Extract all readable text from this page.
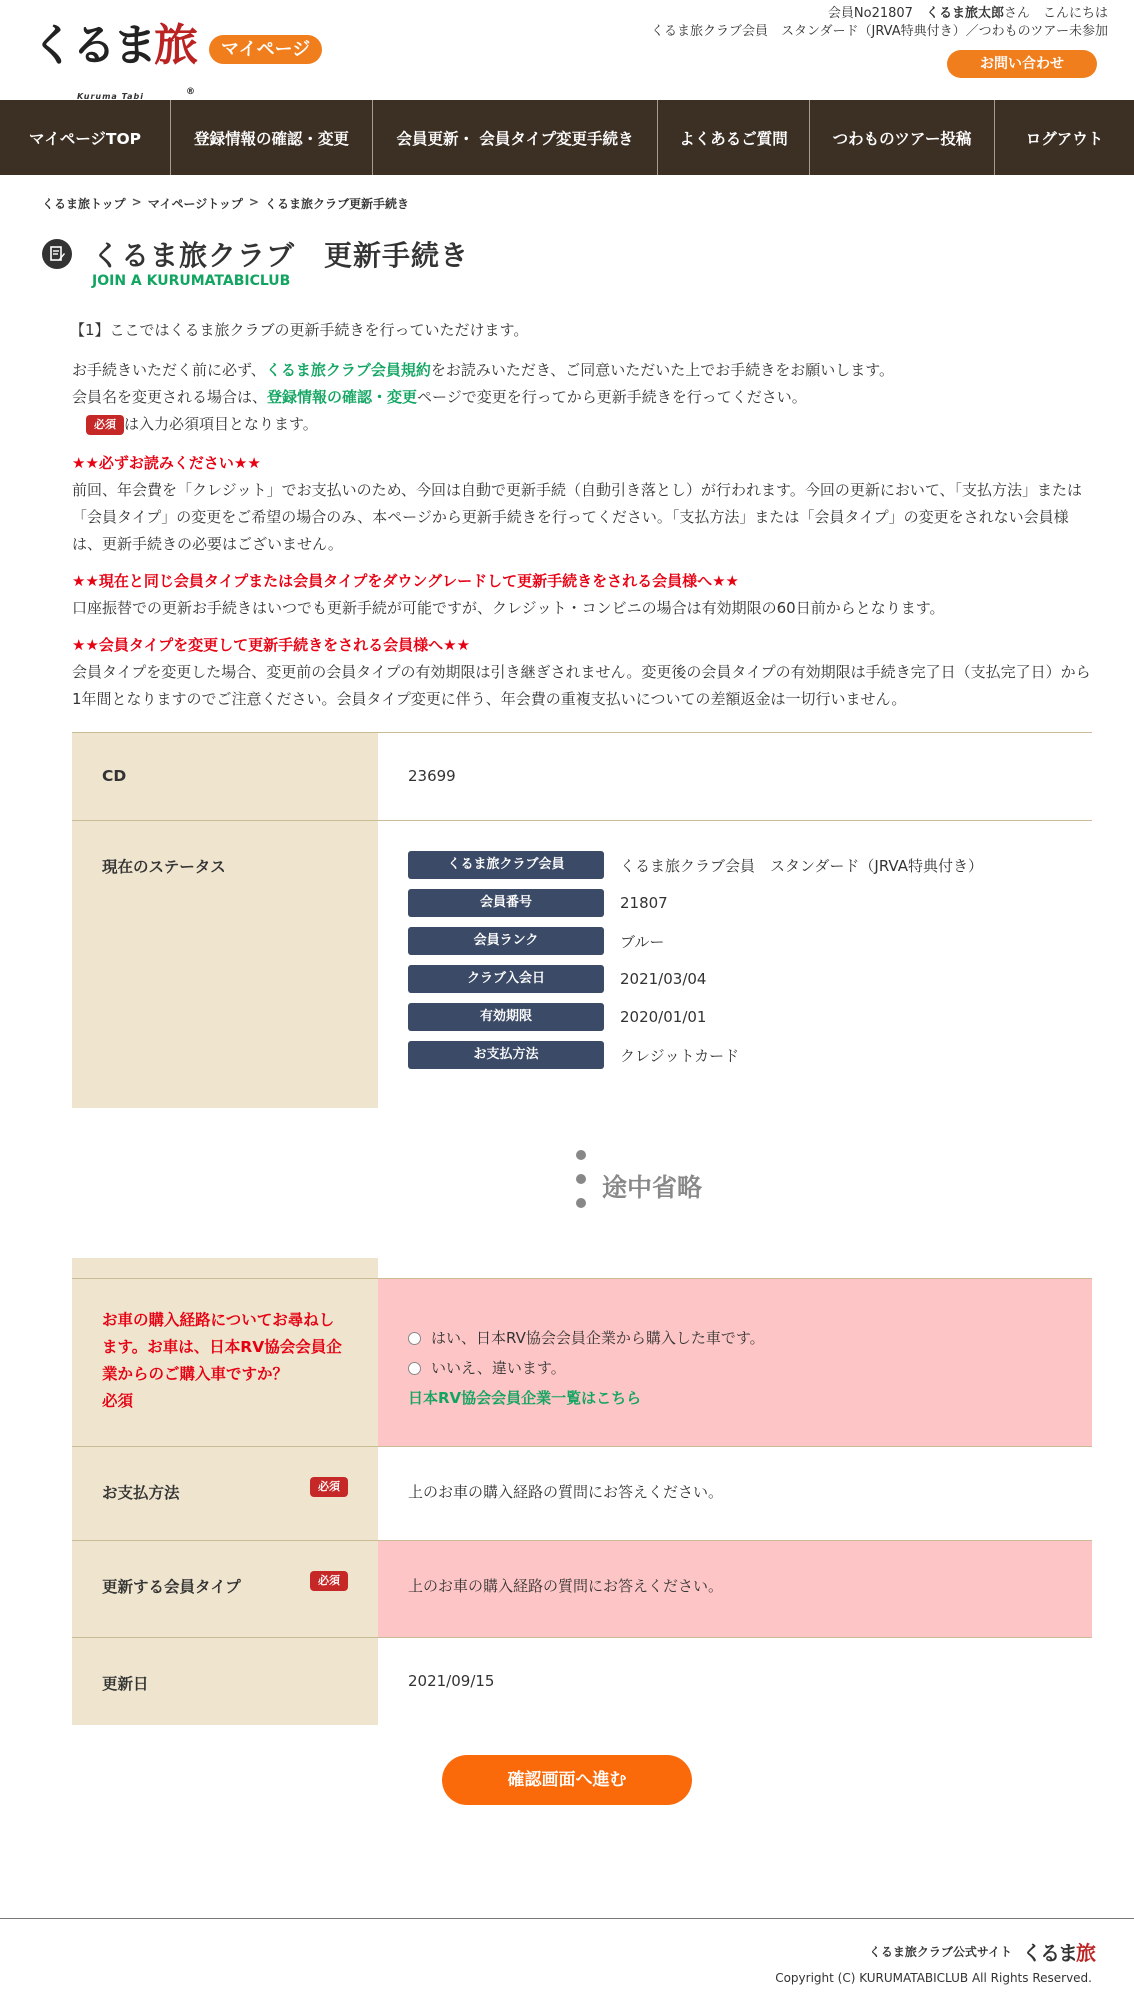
くるま旅
Kuruma Tabi	®
マイページ
会員No21807　くるま旅太郎さん　こんにちは
くるま旅クラブ会員　スタンダード（JRVA特典付き）／つわものツアー未参加
お問い合わせ
マイページTOP	登録情報の確認・変更	会員更新・ 会員タイプ変更手続き	よくあるご質問	つわものツアー投稿	ログアウト
くるま旅トップ > マイページトップ > くるま旅クラブ更新手続き
くるま旅クラブ　更新手続き
JOIN A KURUMATABICLUB

【1】ここではくるま旅クラブの更新手続きを行っていただけます。

お手続きいただく前に必ず、くるま旅クラブ会員規約をお読みいただき、ご同意いただいた上でお手続きをお願いします。
会員名を変更される場合は、登録情報の確認・変更ページで変更を行ってから更新手続きを行ってください。

必須 は入力必須項目となります。

★★必ずお読みください★★

前回、年会費を「クレジット」でお支払いのため、今回は自動で更新手続（自動引き落とし）が行われます。今回の更新において、「支払方法」または「会員タイプ」の変更をご希望の場合のみ、本ページから更新手続きを行ってください。「支払方法」または「会員タイプ」の変更をされない会員様は、更新手続きの必要はございません。

★★現在と同じ会員タイプまたは会員タイプをダウングレードして更新手続きをされる会員様へ★★

口座振替での更新お手続きはいつでも更新手続が可能ですが、クレジット・コンビニの場合は有効期限の60日前からとなります。

★★会員タイプを変更して更新手続きをされる会員様へ★★

会員タイプを変更した場合、変更前の会員タイプの有効期限は引き継ぎされません。変更後の会員タイプの有効期限は手続き完了日（支払完了日）から1年間となりますのでご注意ください。会員タイプ変更に伴う、年会費の重複支払いについての差額返金は一切行いません。

CD	23699
現在のステータス	くるま旅クラブ会員	くるま旅クラブ会員　スタンダード（JRVA特典付き）
会員番号	21807
会員ランク	ブルー
クラブ入会日	2021/03/04
有効期限	2020/01/01
お支払方法	クレジットカード
途中省略
お車の購入経路についてお尋ねします。お車は、日本RV協会会員企業からのご購入車ですか？
必須
はい、日本RV協会会員企業から購入した車です。
いいえ、違います。
日本RV協会会員企業一覧はこちら
お支払方法	必須	上のお車の購入経路の質問にお答えください。
更新する会員タイプ	必須	上のお車の購入経路の質問にお答えください。
更新日	2021/09/15
確認画面へ進む
くるま旅クラブ公式サイト くるま旅
Copyright (C) KURUMATABICLUB All Rights Reserved.
